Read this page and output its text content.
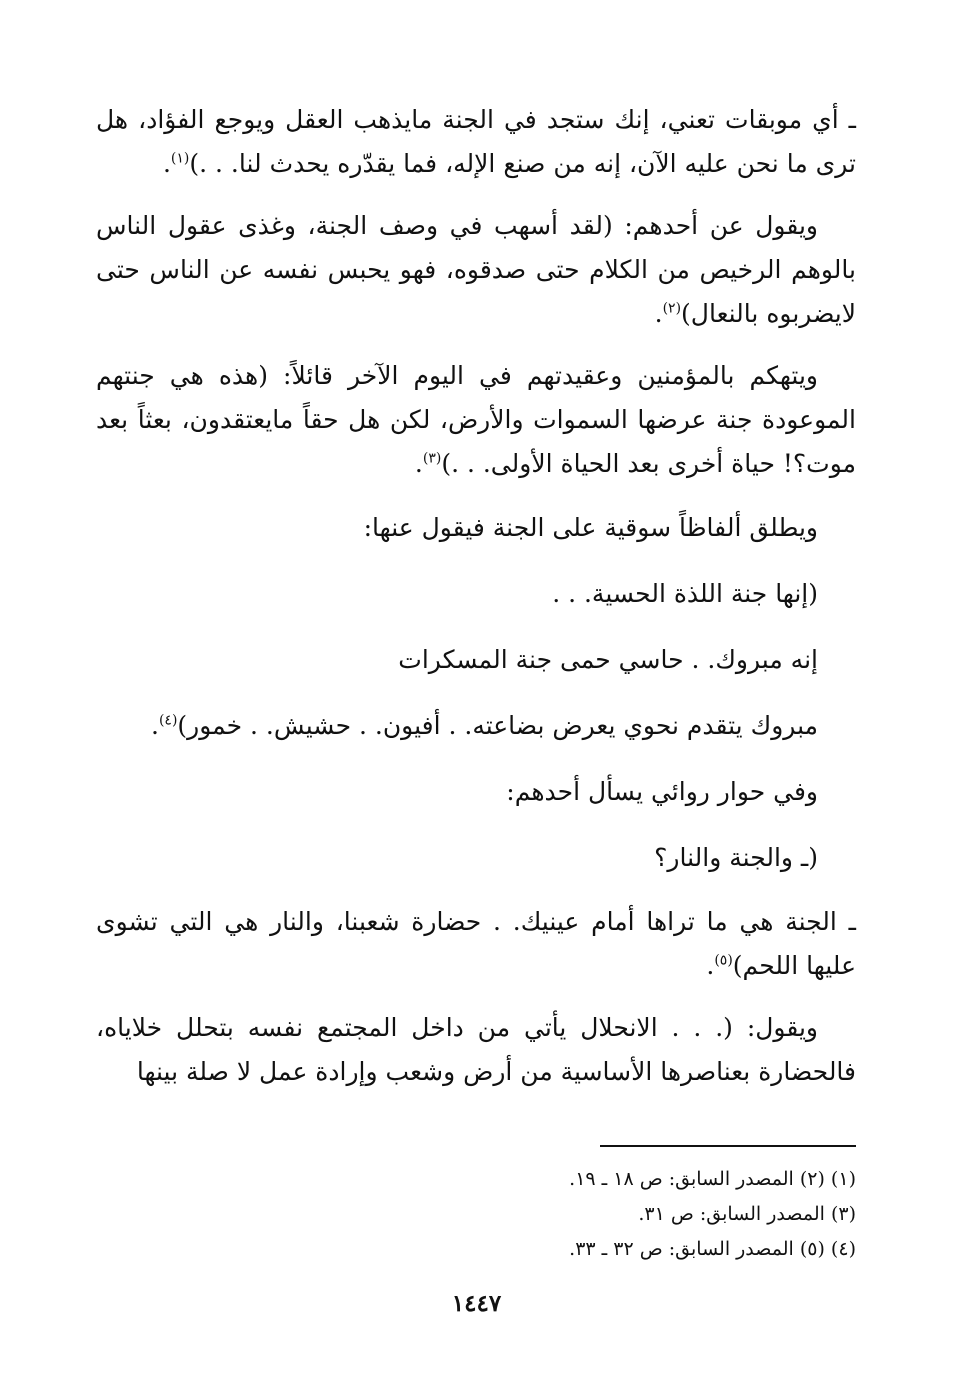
ـ أي موبقات تعني، إنك ستجد في الجنة مايذهب العقل ويوجع الفؤاد، هل ترى ما نحن عليه الآن، إنه من صنع الإله، فما يقدّره يحدث لنا. . .)$^{(١)}$.

ويقول عن أحدهم: (لقد أسهب في وصف الجنة، وغذى عقول الناس بالوهم الرخيص من الكلام حتى صدقوه، فهو يحبس نفسه عن الناس حتى لايضربوه بالنعال)$^{(٢)}$.

ويتهكم بالمؤمنين وعقيدتهم في اليوم الآخر قائلاً: (هذه هي جنتهم الموعودة جنة عرضها السموات والأرض، لكن هل حقاً مايعتقدون، بعثاً بعد موت؟! حياة أخرى بعد الحياة الأولى. . .)$^{(٣)}$.

ويطلق ألفاظاً سوقية على الجنة فيقول عنها:

(إنها جنة اللذة الحسية. . .

إنه مبروك. . حاسي حمى جنة المسكرات

مبروك يتقدم نحوي يعرض بضاعته. . أفيون. . حشيش. . خمور)$^{(٤)}$.

وفي حوار روائي يسأل أحدهم:

(ـ والجنة والنار؟

ـ الجنة هي ما تراها أمام عينيك. . حضارة شعبنا، والنار هي التي تشوى عليها اللحم)$^{(٥)}$.

ويقول: (. . . الانحلال يأتي من داخل المجتمع نفسه بتحلل خلاياه، فالحضارة بعناصرها الأساسية من أرض وشعب وإرادة عمل لا صلة بينها

(١) (٢) المصدر السابق: ص ١٨ ـ ١٩.

(٣) المصدر السابق: ص ٣١.

(٤) (٥) المصدر السابق: ص ٣٢ ـ ٣٣.

١٤٤٧
